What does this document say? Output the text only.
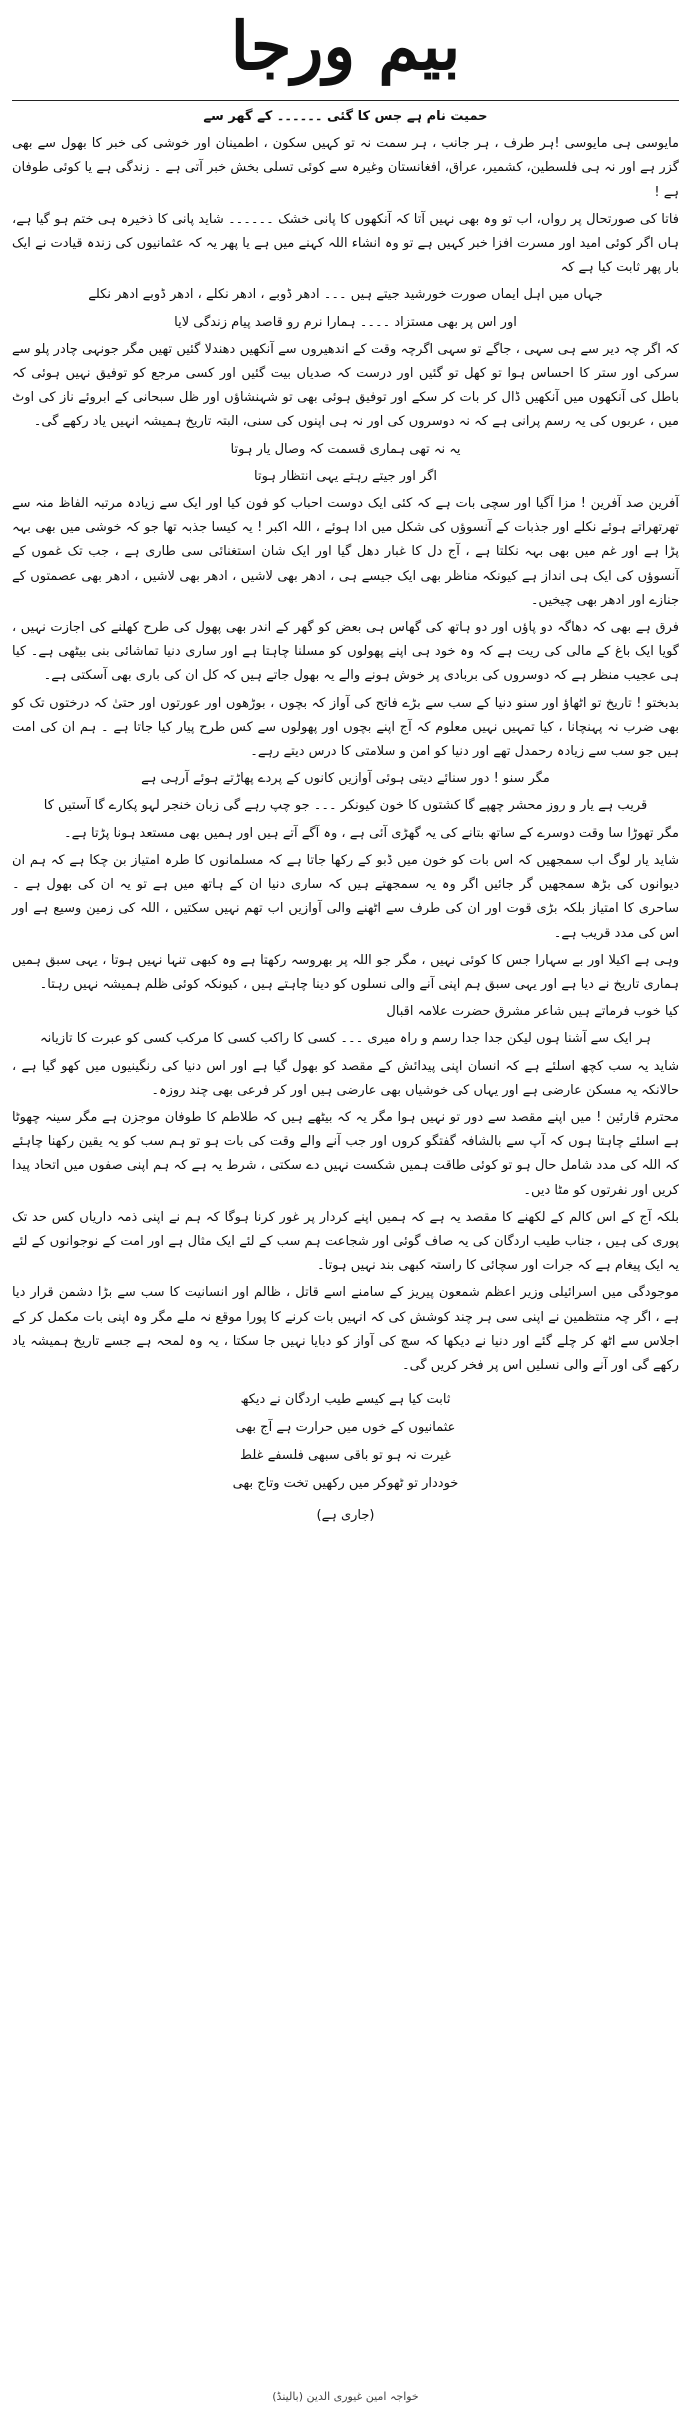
بیم ورجا

حمیت نام ہے جس کا گئی ۔۔۔۔۔۔ کے گھر سے

مایوسی ہی مایوسی !ہر طرف ، ہر جانب ، ہر سمت نہ تو کہیں سکون ، اطمینان اور خوشی کی خبر کا بھول سے بھی گزر ہے اور نہ ہی فلسطین، کشمیر، عراق، افغانستان وغیرہ سے کوئی تسلی بخش خبر آتی ہے ۔ زندگی ہے یا کوئی طوفان ہے !

فاتا کی صورتحال پر رواں، اب تو وہ بھی نہیں آتا کہ آنکھوں کا پانی خشک ۔۔۔۔۔۔ شاید پانی کا ذخیرہ ہی ختم ہو گیا ہے، ہاں اگر کوئی امید اور مسرت افزا خبر کہیں ہے تو وہ انشاء اللہ کہنے میں ہے یا پھر یہ کہ عثمانیوں کی زندہ قیادت نے ایک بار پھر ثابت کیا ہے کہ

جہاں میں اہل ایماں صورت خورشید جیتے ہیں ۔۔۔ ادھر ڈوبے ، ادھر نکلے ، ادھر ڈوبے ادھر نکلے

اور اس پر بھی مستزاد ۔۔۔۔ ہمارا نرم رو قاصد پیام زندگی لایا

کہ اگر چہ دیر سے ہی سہی ، جاگے تو سہی اگرچہ وقت کے اندھیروں سے آنکھیں دھندلا گئیں تھیں مگر جونہی چادر پلو سے سرکی اور ستر کا احساس ہوا تو کھل تو گئیں اور درست کہ صدیاں بیت گئیں اور کسی مرجع کو توفیق نہیں ہوئی کہ باطل کی آنکھوں میں آنکھیں ڈال کر بات کر سکے اور توفیق ہوئی بھی تو شہنشاؤں اور ظل سبحانی کے ابروئے ناز کی اوٹ میں ، عربوں کی یہ رسم پرانی ہے کہ نہ دوسروں کی اور نہ ہی اپنوں کی سنی، البتہ تاریخ ہمیشہ انہیں یاد رکھے گی۔

یہ نہ تھی ہماری قسمت کہ وصال یار ہوتا

اگر اور جیتے رہتے یہی انتظار ہوتا

آفرین صد آفرین ! مزا آگیا اور سچی بات ہے کہ کئی ایک دوست احباب کو فون کیا اور ایک سے زیادہ مرتبہ الفاظ منہ سے تھرتھراتے ہوئے نکلے اور جذبات کے آنسوؤں کی شکل میں ادا ہوئے ، اللہ اکبر ! یہ کیسا جذبہ تھا جو کہ خوشی میں بھی بہہ پڑا ہے اور غم میں بھی بہہ نکلتا ہے ، آج دل کا غبار دھل گیا اور ایک شان استغنائی سی طاری ہے ، جب تک غموں کے آنسوؤں کی ایک ہی انداز ہے کیونکہ مناظر بھی ایک جیسے ہی ، ادھر بھی لاشیں ، ادھر بھی لاشیں ، ادھر بھی عصمتوں کے جنازے اور ادھر بھی چیخیں۔

فرق ہے بھی کہ دھاگہ دو پاؤں اور دو ہاتھ کی گھاس ہی بعض کو گھر کے اندر بھی پھول کی طرح کھلنے کی اجازت نہیں ، گویا ایک باغ کے مالی کی ریت ہے کہ وہ خود ہی اپنے پھولوں کو مسلنا چاہتا ہے اور ساری دنیا تماشائی بنی بیٹھی ہے۔ کیا ہی عجیب منظر ہے کہ دوسروں کی بربادی پر خوش ہونے والے یہ بھول جاتے ہیں کہ کل ان کی باری بھی آسکتی ہے۔

بدبختو ! تاریخ تو اٹھاؤ اور سنو دنیا کے سب سے بڑے فاتح کی آواز کہ بچوں ، بوڑھوں اور عورتوں اور حتیٰ کہ درختوں تک کو بھی ضرب نہ پہنچانا ، کیا تمہیں نہیں معلوم کہ آج اپنے بچوں اور پھولوں سے کس طرح پیار کیا جاتا ہے ۔ ہم ان کی امت ہیں جو سب سے زیادہ رحمدل تھے اور دنیا کو امن و سلامتی کا درس دیتے رہے۔

مگر سنو ! دور سنائے دیتی ہوئی آوازیں کانوں کے پردے پھاڑتے ہوئے آرہی ہے

قریب ہے یار و روز محشر چھپے گا کشتوں کا خون کیونکر ۔۔۔ جو چپ رہے گی زبان خنجر لہو پکارے گا آستیں کا

مگر تھوڑا سا وقت دوسرے کے ساتھ بتانے کی یہ گھڑی آئی ہے ، وہ آگے آتے ہیں اور ہمیں بھی مستعد ہونا پڑتا ہے۔

شاید یار لوگ اب سمجھیں کہ اس بات کو خون میں ڈبو کے رکھا جاتا ہے کہ مسلمانوں کا طرہ امتیاز بن چکا ہے کہ ہم ان دیوانوں کی بڑھ سمجھیں گر جائیں اگر وہ یہ سمجھتے ہیں کہ ساری دنیا ان کے ہاتھ میں ہے تو یہ ان کی بھول ہے ۔ ساحری کا امتیاز بلکہ بڑی قوت اور ان کی طرف سے اٹھنے والی آوازیں اب تھم نہیں سکتیں ، اللہ کی زمین وسیع ہے اور اس کی مدد قریب ہے۔

وہی ہے اکیلا اور بے سہارا جس کا کوئی نہیں ، مگر جو اللہ پر بھروسہ رکھتا ہے وہ کبھی تنہا نہیں ہوتا ، یہی سبق ہمیں ہماری تاریخ نے دیا ہے اور یہی سبق ہم اپنی آنے والی نسلوں کو دینا چاہتے ہیں ، کیونکہ کوئی ظلم ہمیشہ نہیں رہتا۔

کیا خوب فرماتے ہیں شاعر مشرق حضرت علامہ اقبال

ہر ایک سے آشنا ہوں لیکن جدا جدا رسم و راہ میری ۔۔۔ کسی کا راکب کسی کا مرکب کسی کو عبرت کا تازیانہ

شاید یہ سب کچھ اسلئے ہے کہ انسان اپنی پیدائش کے مقصد کو بھول گیا ہے اور اس دنیا کی رنگینیوں میں کھو گیا ہے ، حالانکہ یہ مسکن عارضی ہے اور یہاں کی خوشیاں بھی عارضی ہیں اور کر فرعی بھی چند روزہ۔

محترم قارئین ! میں اپنے مقصد سے دور تو نہیں ہوا مگر یہ کہ بیٹھے ہیں کہ طلاطم کا طوفان موجزن ہے مگر سینہ چھوٹا ہے اسلئے چاہتا ہوں کہ آپ سے بالشافہ گفتگو کروں اور جب آنے والے وقت کی بات ہو تو ہم سب کو یہ یقین رکھنا چاہئے کہ اللہ کی مدد شامل حال ہو تو کوئی طاقت ہمیں شکست نہیں دے سکتی ، شرط یہ ہے کہ ہم اپنی صفوں میں اتحاد پیدا کریں اور نفرتوں کو مٹا دیں۔

بلکہ آج کے اس کالم کے لکھنے کا مقصد یہ ہے کہ ہمیں اپنے کردار پر غور کرنا ہوگا کہ ہم نے اپنی ذمہ داریاں کس حد تک پوری کی ہیں ، جناب طیب اردگان کی یہ صاف گوئی اور شجاعت ہم سب کے لئے ایک مثال ہے اور امت کے نوجوانوں کے لئے یہ ایک پیغام ہے کہ جرات اور سچائی کا راستہ کبھی بند نہیں ہوتا۔

موجودگی میں اسرائیلی وزیر اعظم شمعون پیریز کے سامنے اسے قاتل ، ظالم اور انسانیت کا سب سے بڑا دشمن قرار دیا ہے ، اگر چہ منتظمین نے اپنی سی ہر چند کوشش کی کہ انہیں بات کرنے کا پورا موقع نہ ملے مگر وہ اپنی بات مکمل کر کے اجلاس سے اٹھ کر چلے گئے اور دنیا نے دیکھا کہ سچ کی آواز کو دبایا نہیں جا سکتا ، یہ وہ لمحہ ہے جسے تاریخ ہمیشہ یاد رکھے گی اور آنے والی نسلیں اس پر فخر کریں گی۔

ثابت کیا ہے کیسے طیب اردگان نے دیکھ
عثمانیوں کے خوں میں حرارت ہے آج بھی
غیرت نہ ہو تو باقی سبھی فلسفے غلط
خوددار تو ٹھوکر میں رکھیں تخت وتاج بھی
(جاری ہے)
خواجہ امین غیوری الدین (بالینڈ)
